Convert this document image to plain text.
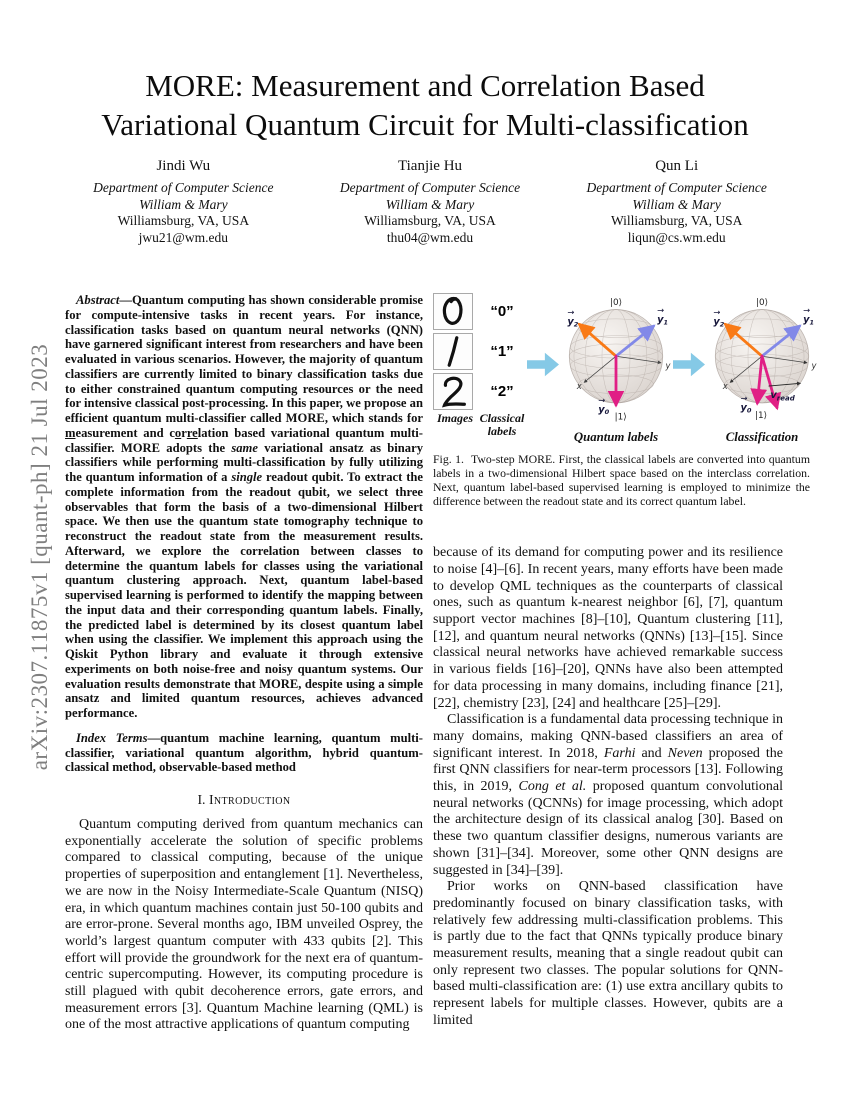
arXiv:2307.11875v1 [quant-ph] 21 Jul 2023
MORE: Measurement and Correlation Based
Variational Quantum Circuit for Multi-classification
Jindi Wu
Department of Computer Science
William & Mary
Williamsburg, VA, USA
jwu21@wm.edu
Tianjie Hu
Department of Computer Science
William & Mary
Williamsburg, VA, USA
thu04@wm.edu
Qun Li
Department of Computer Science
William & Mary
Williamsburg, VA, USA
liqun@cs.wm.edu

Abstract—Quantum computing has shown considerable promise for compute-intensive tasks in recent years. For instance, classification tasks based on quantum neural networks (QNN) have garnered significant interest from researchers and have been evaluated in various scenarios. However, the majority of quantum classifiers are currently limited to binary classification tasks due to either constrained quantum computing resources or the need for intensive classical post-processing. In this paper, we propose an efficient quantum multi-classifier called MORE, which stands for measurement and correlation based variational quantum multi-classifier. MORE adopts the same variational ansatz as binary classifiers while performing multi-classification by fully utilizing the quantum information of a single readout qubit. To extract the complete information from the readout qubit, we select three observables that form the basis of a two-dimensional Hilbert space. We then use the quantum state tomography technique to reconstruct the readout state from the measurement results. Afterward, we explore the correlation between classes to determine the quantum labels for classes using the variational quantum clustering approach. Next, quantum label-based supervised learning is performed to identify the mapping between the input data and their corresponding quantum labels. Finally, the predicted label is determined by its closest quantum label when using the classifier. We implement this approach using the Qiskit Python library and evaluate it through extensive experiments on both noise-free and noisy quantum systems. Our evaluation results demonstrate that MORE, despite using a simple ansatz and limited quantum resources, achieves advanced performance.

Index Terms—quantum machine learning, quantum multi-classifier, variational quantum algorithm, hybrid quantum-classical method, observable-based method

I. Introduction

Quantum computing derived from quantum mechanics can exponentially accelerate the solution of specific problems compared to classical computing, because of the unique properties of superposition and entanglement [1]. Nevertheless, we are now in the Noisy Intermediate-Scale Quantum (NISQ) era, in which quantum machines contain just 50-100 qubits and are error-prone. Several months ago, IBM unveiled Osprey, the world’s largest quantum computer with 433 qubits [2]. This effort will provide the groundwork for the next era of quantum-centric supercomputing. However, its computing procedure is still plagued with qubit decoherence errors, gate errors, and measurement errors [3]. Quantum Machine learning (QML) is one of the most attractive applications of quantum computing

“0”
“1”
“2”
Images Classical
labels
|0⟩
|1⟩
x
y
→
y2
→
y1
→
y0
Quantum labels
|0⟩
|1⟩
x
y
→
y2
→
y1
→
y0
$v_{read}$
Classification

Fig. 1. Two-step MORE. First, the classical labels are converted into quantum labels in a two-dimensional Hilbert space based on the interclass correlation. Next, quantum label-based supervised learning is employed to minimize the difference between the readout state and its correct quantum label.

because of its demand for computing power and its resilience to noise [4]–[6]. In recent years, many efforts have been made to develop QML techniques as the counterparts of classical ones, such as quantum k-nearest neighbor [6], [7], quantum support vector machines [8]–[10], Quantum clustering [11], [12], and quantum neural networks (QNNs) [13]–[15]. Since classical neural networks have achieved remarkable success in various fields [16]–[20], QNNs have also been attempted for data processing in many domains, including finance [21], [22], chemistry [23], [24] and healthcare [25]–[29].

Classification is a fundamental data processing technique in many domains, making QNN-based classifiers an area of significant interest. In 2018, Farhi and Neven proposed the first QNN classifiers for near-term processors [13]. Following this, in 2019, Cong et al. proposed quantum convolutional neural networks (QCNNs) for image processing, which adopt the architecture design of its classical analog [30]. Based on these two quantum classifier designs, numerous variants are shown [31]–[34]. Moreover, some other QNN designs are suggested in [34]–[39].

Prior works on QNN-based classification have predominantly focused on binary classification tasks, with relatively few addressing multi-classification problems. This is partly due to the fact that QNNs typically produce binary measurement results, meaning that a single readout qubit can only represent two classes. The popular solutions for QNN-based multi-classification are: (1) use extra ancillary qubits to represent labels for multiple classes. However, qubits are a limited
